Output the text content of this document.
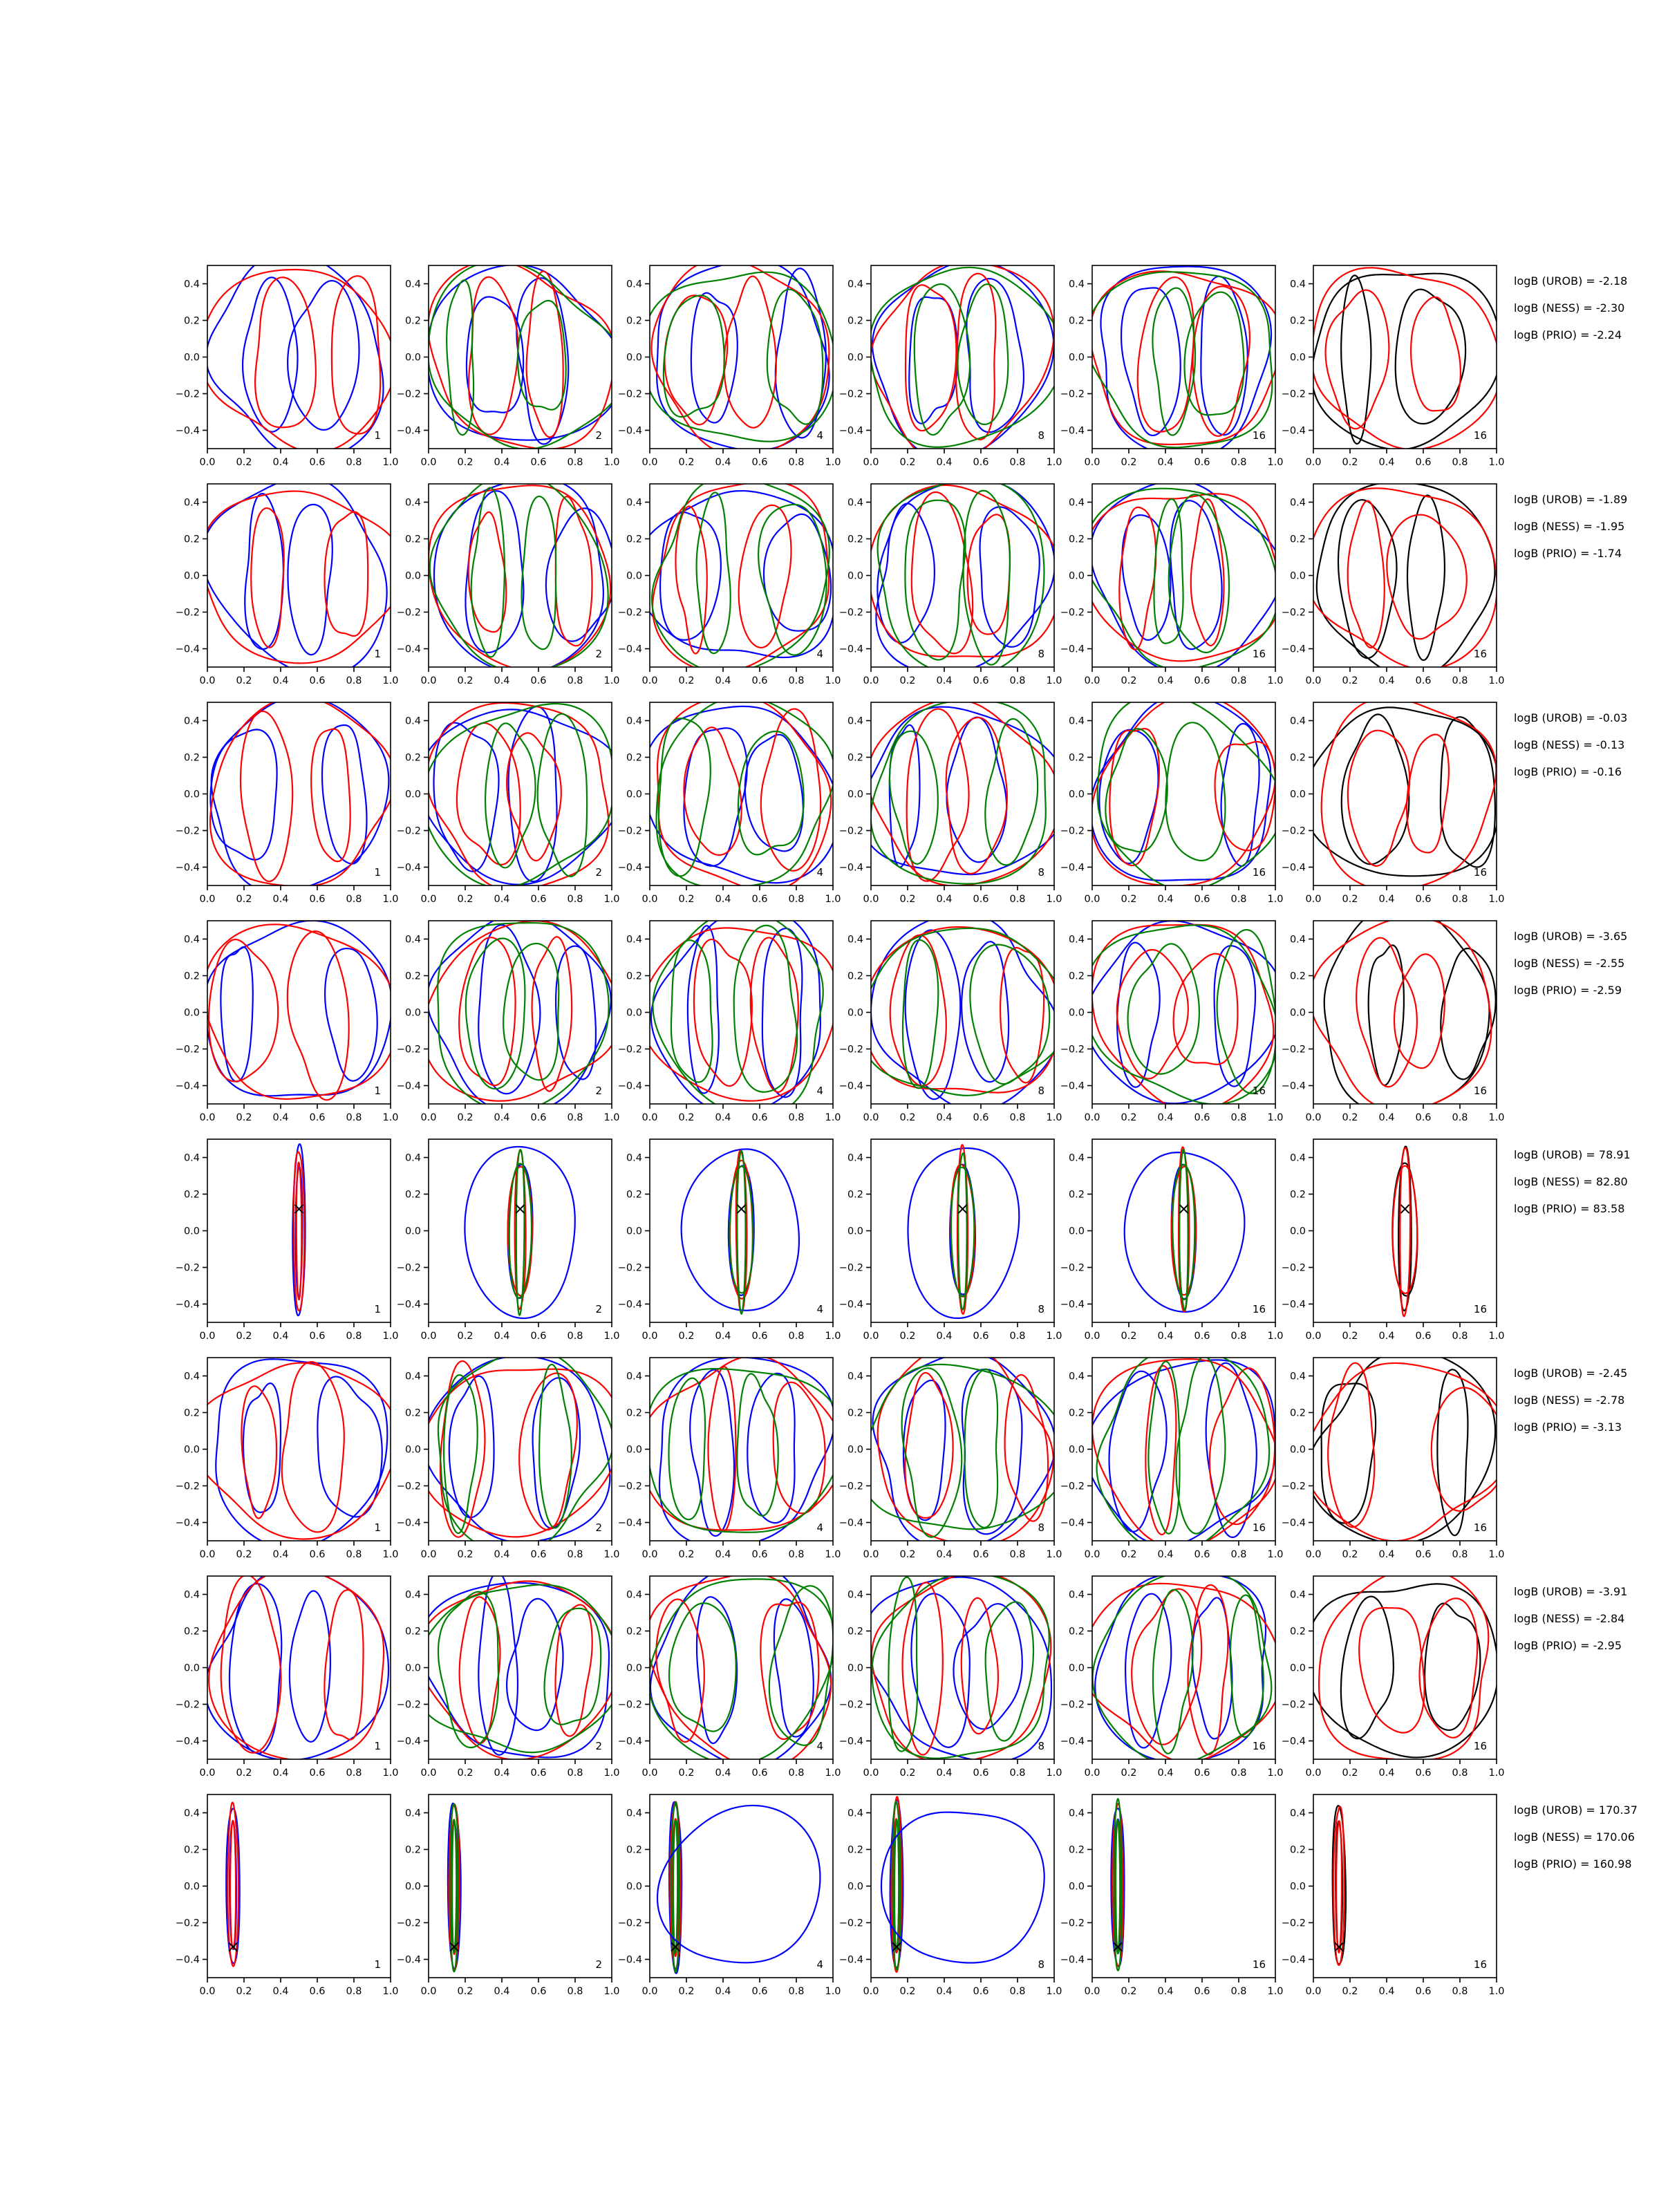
0.4
0.2
0.0
−0.2
−0.4
0.0 0.2 0.4 0.6 0.8 1.0
1
0.4
0.2
0.0
−0.2
−0.4
0.0 0.2 0.4 0.6 0.8 1.0
2
0.4
0.2
0.0
−0.2
−0.4
0.0 0.2 0.4 0.6 0.8 1.0
4
0.4
0.2
0.0
−0.2
−0.4
0.0 0.2 0.4 0.6 0.8 1.0
8
0.4
0.2
0.0
−0.2
−0.4
0.0 0.2 0.4 0.6 0.8 1.0
16
0.4
0.2
0.0
−0.2
−0.4
0.0 0.2 0.4 0.6 0.8 1.0
16
logB (UROB) = -2.18
logB (NESS) = -2.30
logB (PRIO) = -2.24
0.4
0.2
0.0
−0.2
−0.4
0.0 0.2 0.4 0.6 0.8 1.0
1
0.4
0.2
0.0
−0.2
−0.4
0.0 0.2 0.4 0.6 0.8 1.0
2
0.4
0.2
0.0
−0.2
−0.4
0.0 0.2 0.4 0.6 0.8 1.0
4
0.4
0.2
0.0
−0.2
−0.4
0.0 0.2 0.4 0.6 0.8 1.0
8
0.4
0.2
0.0
−0.2
−0.4
0.0 0.2 0.4 0.6 0.8 1.0
16
0.4
0.2
0.0
−0.2
−0.4
0.0 0.2 0.4 0.6 0.8 1.0
16
logB (UROB) = -1.89
logB (NESS) = -1.95
logB (PRIO) = -1.74
0.4
0.2
0.0
−0.2
−0.4
0.0 0.2 0.4 0.6 0.8 1.0
1
0.4
0.2
0.0
−0.2
−0.4
0.0 0.2 0.4 0.6 0.8 1.0
2
0.4
0.2
0.0
−0.2
−0.4
0.0 0.2 0.4 0.6 0.8 1.0
4
0.4
0.2
0.0
−0.2
−0.4
0.0 0.2 0.4 0.6 0.8 1.0
8
0.4
0.2
0.0
−0.2
−0.4
0.0 0.2 0.4 0.6 0.8 1.0
16
0.4
0.2
0.0
−0.2
−0.4
0.0 0.2 0.4 0.6 0.8 1.0
16
logB (UROB) = -0.03
logB (NESS) = -0.13
logB (PRIO) = -0.16
0.4
0.2
0.0
−0.2
−0.4
0.0 0.2 0.4 0.6 0.8 1.0
1
0.4
0.2
0.0
−0.2
−0.4
0.0 0.2 0.4 0.6 0.8 1.0
2
0.4
0.2
0.0
−0.2
−0.4
0.0 0.2 0.4 0.6 0.8 1.0
4
0.4
0.2
0.0
−0.2
−0.4
0.0 0.2 0.4 0.6 0.8 1.0
8
0.4
0.2
0.0
−0.2
−0.4
0.0 0.2 0.4 0.6 0.8 1.0
16
0.4
0.2
0.0
−0.2
−0.4
0.0 0.2 0.4 0.6 0.8 1.0
16
logB (UROB) = -3.65
logB (NESS) = -2.55
logB (PRIO) = -2.59
×
0.4
0.2
0.0
−0.2
−0.4
0.0 0.2 0.4 0.6 0.8 1.0
1
×
0.4
0.2
0.0
−0.2
−0.4
0.0 0.2 0.4 0.6 0.8 1.0
2
×
0.4
0.2
0.0
−0.2
−0.4
0.0 0.2 0.4 0.6 0.8 1.0
4
×
0.4
0.2
0.0
−0.2
−0.4
0.0 0.2 0.4 0.6 0.8 1.0
8
×
0.4
0.2
0.0
−0.2
−0.4
0.0 0.2 0.4 0.6 0.8 1.0
16
×
0.4
0.2
0.0
−0.2
−0.4
0.0 0.2 0.4 0.6 0.8 1.0
16
logB (UROB) = 78.91
logB (NESS) = 82.80
logB (PRIO) = 83.58
0.4
0.2
0.0
−0.2
−0.4
0.0 0.2 0.4 0.6 0.8 1.0
1
0.4
0.2
0.0
−0.2
−0.4
0.0 0.2 0.4 0.6 0.8 1.0
2
0.4
0.2
0.0
−0.2
−0.4
0.0 0.2 0.4 0.6 0.8 1.0
4
0.4
0.2
0.0
−0.2
−0.4
0.0 0.2 0.4 0.6 0.8 1.0
8
0.4
0.2
0.0
−0.2
−0.4
0.0 0.2 0.4 0.6 0.8 1.0
16
0.4
0.2
0.0
−0.2
−0.4
0.0 0.2 0.4 0.6 0.8 1.0
16
logB (UROB) = -2.45
logB (NESS) = -2.78
logB (PRIO) = -3.13
0.4
0.2
0.0
−0.2
−0.4
0.0 0.2 0.4 0.6 0.8 1.0
1
0.4
0.2
0.0
−0.2
−0.4
0.0 0.2 0.4 0.6 0.8 1.0
2
0.4
0.2
0.0
−0.2
−0.4
0.0 0.2 0.4 0.6 0.8 1.0
4
0.4
0.2
0.0
−0.2
−0.4
0.0 0.2 0.4 0.6 0.8 1.0
8
0.4
0.2
0.0
−0.2
−0.4
0.0 0.2 0.4 0.6 0.8 1.0
16
0.4
0.2
0.0
−0.2
−0.4
0.0 0.2 0.4 0.6 0.8 1.0
16
logB (UROB) = -3.91
logB (NESS) = -2.84
logB (PRIO) = -2.95
×
0.4
0.2
0.0
−0.2
−0.4
0.0 0.2 0.4 0.6 0.8 1.0
1
×
0.4
0.2
0.0
−0.2
−0.4
0.0 0.2 0.4 0.6 0.8 1.0
2
×
0.4
0.2
0.0
−0.2
−0.4
0.0 0.2 0.4 0.6 0.8 1.0
4
×
0.4
0.2
0.0
−0.2
−0.4
0.0 0.2 0.4 0.6 0.8 1.0
8
×
0.4
0.2
0.0
−0.2
−0.4
0.0 0.2 0.4 0.6 0.8 1.0
16
×
0.4
0.2
0.0
−0.2
−0.4
0.0 0.2 0.4 0.6 0.8 1.0
16
logB (UROB) = 170.37
logB (NESS) = 170.06
logB (PRIO) = 160.98
